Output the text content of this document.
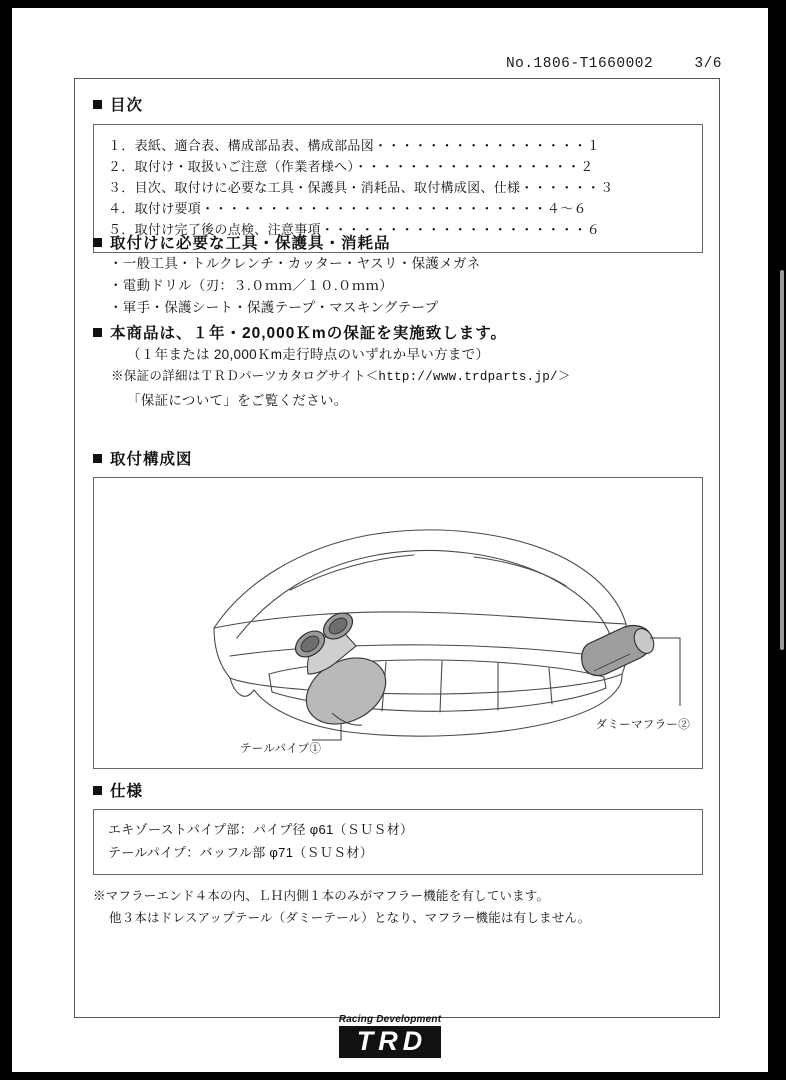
No.1806-T1660002	3/6
目次
１．表紙、適合表、構成部品表、構成部品図・・・・・・・・・・・・・・・・１
２．取付け・取扱いご注意（作業者様へ）・・・・・・・・・・・・・・・・・２
３．目次、取付けに必要な工具・保護具・消耗品、取付構成図、仕様・・・・・・３
４．取付け要項・・・・・・・・・・・・・・・・・・・・・・・・・・４〜６
５．取付け完了後の点検、注意事項・・・・・・・・・・・・・・・・・・・・６
取付けに必要な工具・保護具・消耗品
・一般工具・トルクレンチ・カッター・ヤスリ・保護メガネ
・電動ドリル（刃：３.０ｍｍ／１０.０ｍｍ）
・軍手・保護シート・保護テープ・マスキングテープ
本商品は、１年・20,000Ｋmの保証を実施致します。
（１年または 20,000Ｋm走行時点のいずれか早い方まで）
※保証の詳細はＴＲＤパーツカタログサイト＜http://www.trdparts.jp/＞
「保証について」をご覧ください。
取付構成図
テールパイプ①
ダミーマフラー②
仕様
エキゾーストパイプ部：パイプ径 φ61（ＳＵＳ材）
テールパイプ：バッフル部 φ71（ＳＵＳ材）
※マフラーエンド４本の内、ＬＨ内側１本のみがマフラー機能を有しています。
他３本はドレスアップテール（ダミーテール）となり、マフラー機能は有しません。
Racing Development
TRD
